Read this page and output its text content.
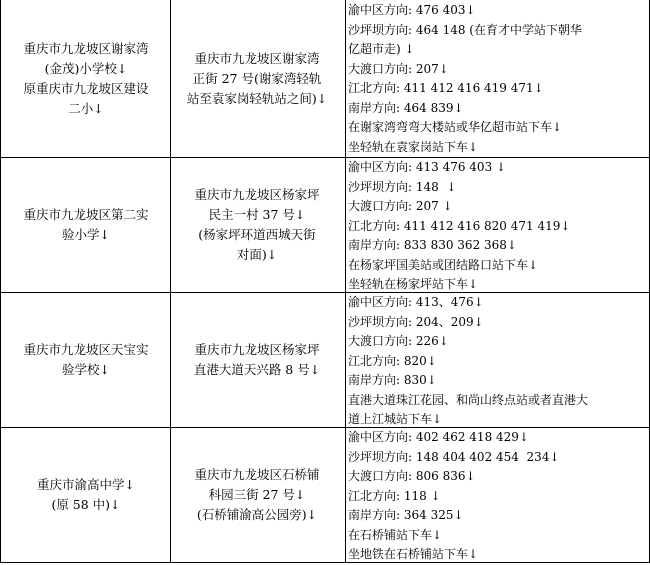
重庆市九龙坡区谢家湾
(金茂)小学校↓
原重庆市九龙坡区建设
二小↓
重庆市九龙坡区谢家湾
正街 27 号(谢家湾轻轨
站至袁家岗轻轨站之间)↓
渝中区方向: 476 403↓
沙坪坝方向: 464 148 (在育才中学站下朝华
亿超市走) ↓
大渡口方向: 207↓
江北方向: 411 412 416 419 471↓
南岸方向: 464 839↓
在谢家湾弯弯大楼站或华亿超市站下车↓
坐轻轨在袁家岗站下车↓
重庆市九龙坡区第二实
验小学↓
重庆市九龙坡区杨家坪
民主一村 37 号↓
(杨家坪环道西城天街
对面)↓
渝中区方向: 413 476 403 ↓
沙坪坝方向: 148  ↓
大渡口方向: 207 ↓
江北方向: 411 412 416 820 471 419↓
南岸方向: 833 830 362 368↓
在杨家坪国美站或团结路口站下车↓
坐轻轨在杨家坪站下车↓
重庆市九龙坡区天宝实
验学校↓
重庆市九龙坡区杨家坪
直港大道天兴路 8 号↓
渝中区方向: 413、476↓
沙坪坝方向: 204、209↓
大渡口方向: 226↓
江北方向: 820↓
南岸方向: 830↓
直港大道珠江花园、和尚山终点站或者直港大
道上江城站下车↓
重庆市渝高中学↓
(原 58 中)↓
重庆市九龙坡区石桥铺
科园三街 27 号↓
(石桥铺渝高公园旁)↓
渝中区方向: 402 462 418 429↓
沙坪坝方向: 148 404 402 454  234↓
大渡口方向: 806 836↓
江北方向: 118 ↓
南岸方向: 364 325↓
在石桥铺站下车↓
坐地铁在石桥铺站下车↓
